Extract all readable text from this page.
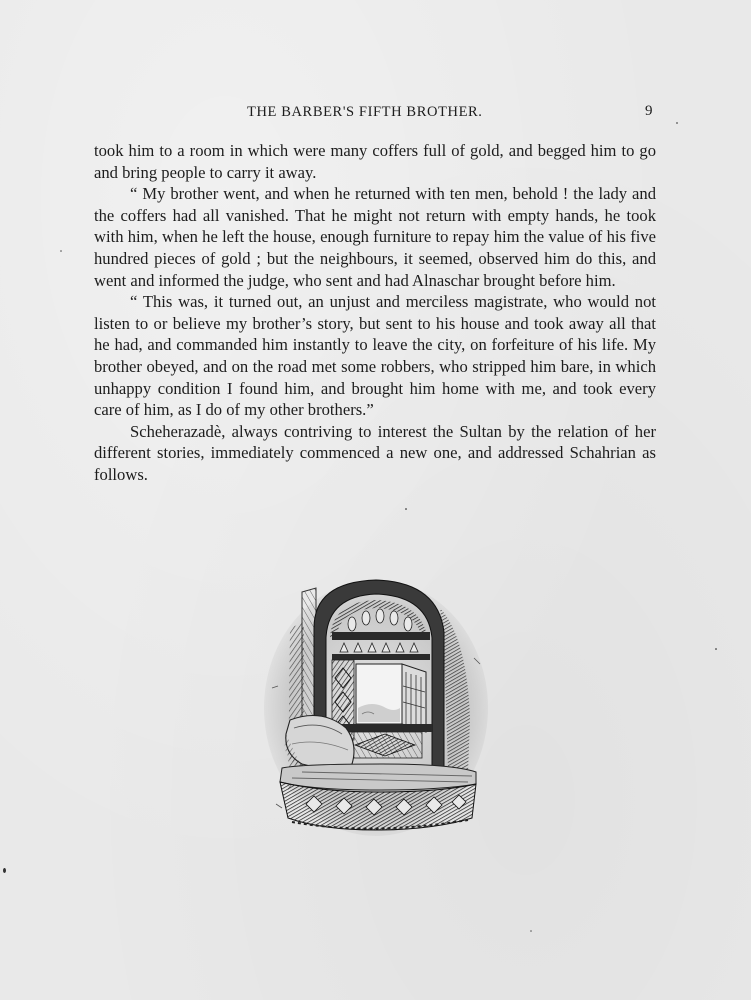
THE BARBER'S FIFTH BROTHER.	9

took him to a room in which were many coffers full of gold, and begged him to go and bring people to carry it away.

“ My brother went, and when he returned with ten men, behold ! the lady and the coffers had all vanished. That he might not return with empty hands, he took with him, when he left the house, enough furniture to repay him the value of his five hundred pieces of gold ; but the neighbours, it seemed, observed him do this, and went and informed the judge, who sent and had Alnaschar brought before him.

“ This was, it turned out, an unjust and merciless magistrate, who would not listen to or believe my brother’s story, but sent to his house and took away all that he had, and commanded him instantly to leave the city, on forfeiture of his life. My brother obeyed, and on the road met some robbers, who stripped him bare, in which unhappy condition I found him, and brought him home with me, and took every care of him, as I do of my other brothers.”

Scheherazadè, always contriving to interest the Sultan by the relation of her different stories, immediately commenced a new one, and addressed Schahrian as follows.
